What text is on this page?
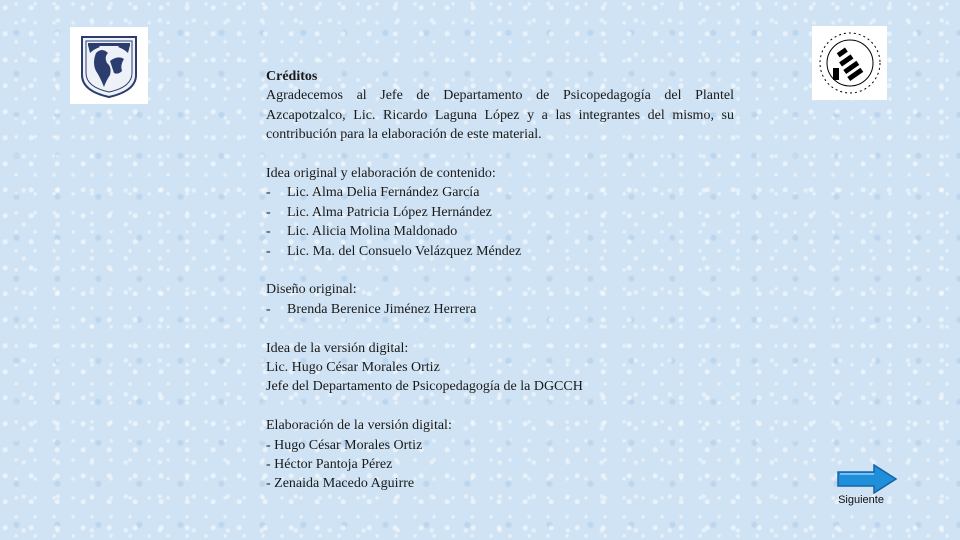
Créditos

Agradecemos al Jefe de Departamento de Psicopedagogía del Plantel Azcapotzalco, Lic. Ricardo Laguna López y a las integrantes del mismo, su contribución para la elaboración de este material.

Idea original y elaboración de contenido:

- Lic. Alma Delia Fernández García

- Lic. Alma Patricia López Hernández

- Lic. Alicia Molina Maldonado

- Lic. Ma. del Consuelo Velázquez Méndez

Diseño original:

- Brenda Berenice Jiménez Herrera

Idea de la versión digital:

Lic. Hugo César Morales Ortiz

Jefe del Departamento de Psicopedagogía de la DGCCH

Elaboración de la versión digital:

- Hugo César Morales Ortiz

- Héctor Pantoja Pérez

- Zenaida Macedo Aguirre

Siguiente
